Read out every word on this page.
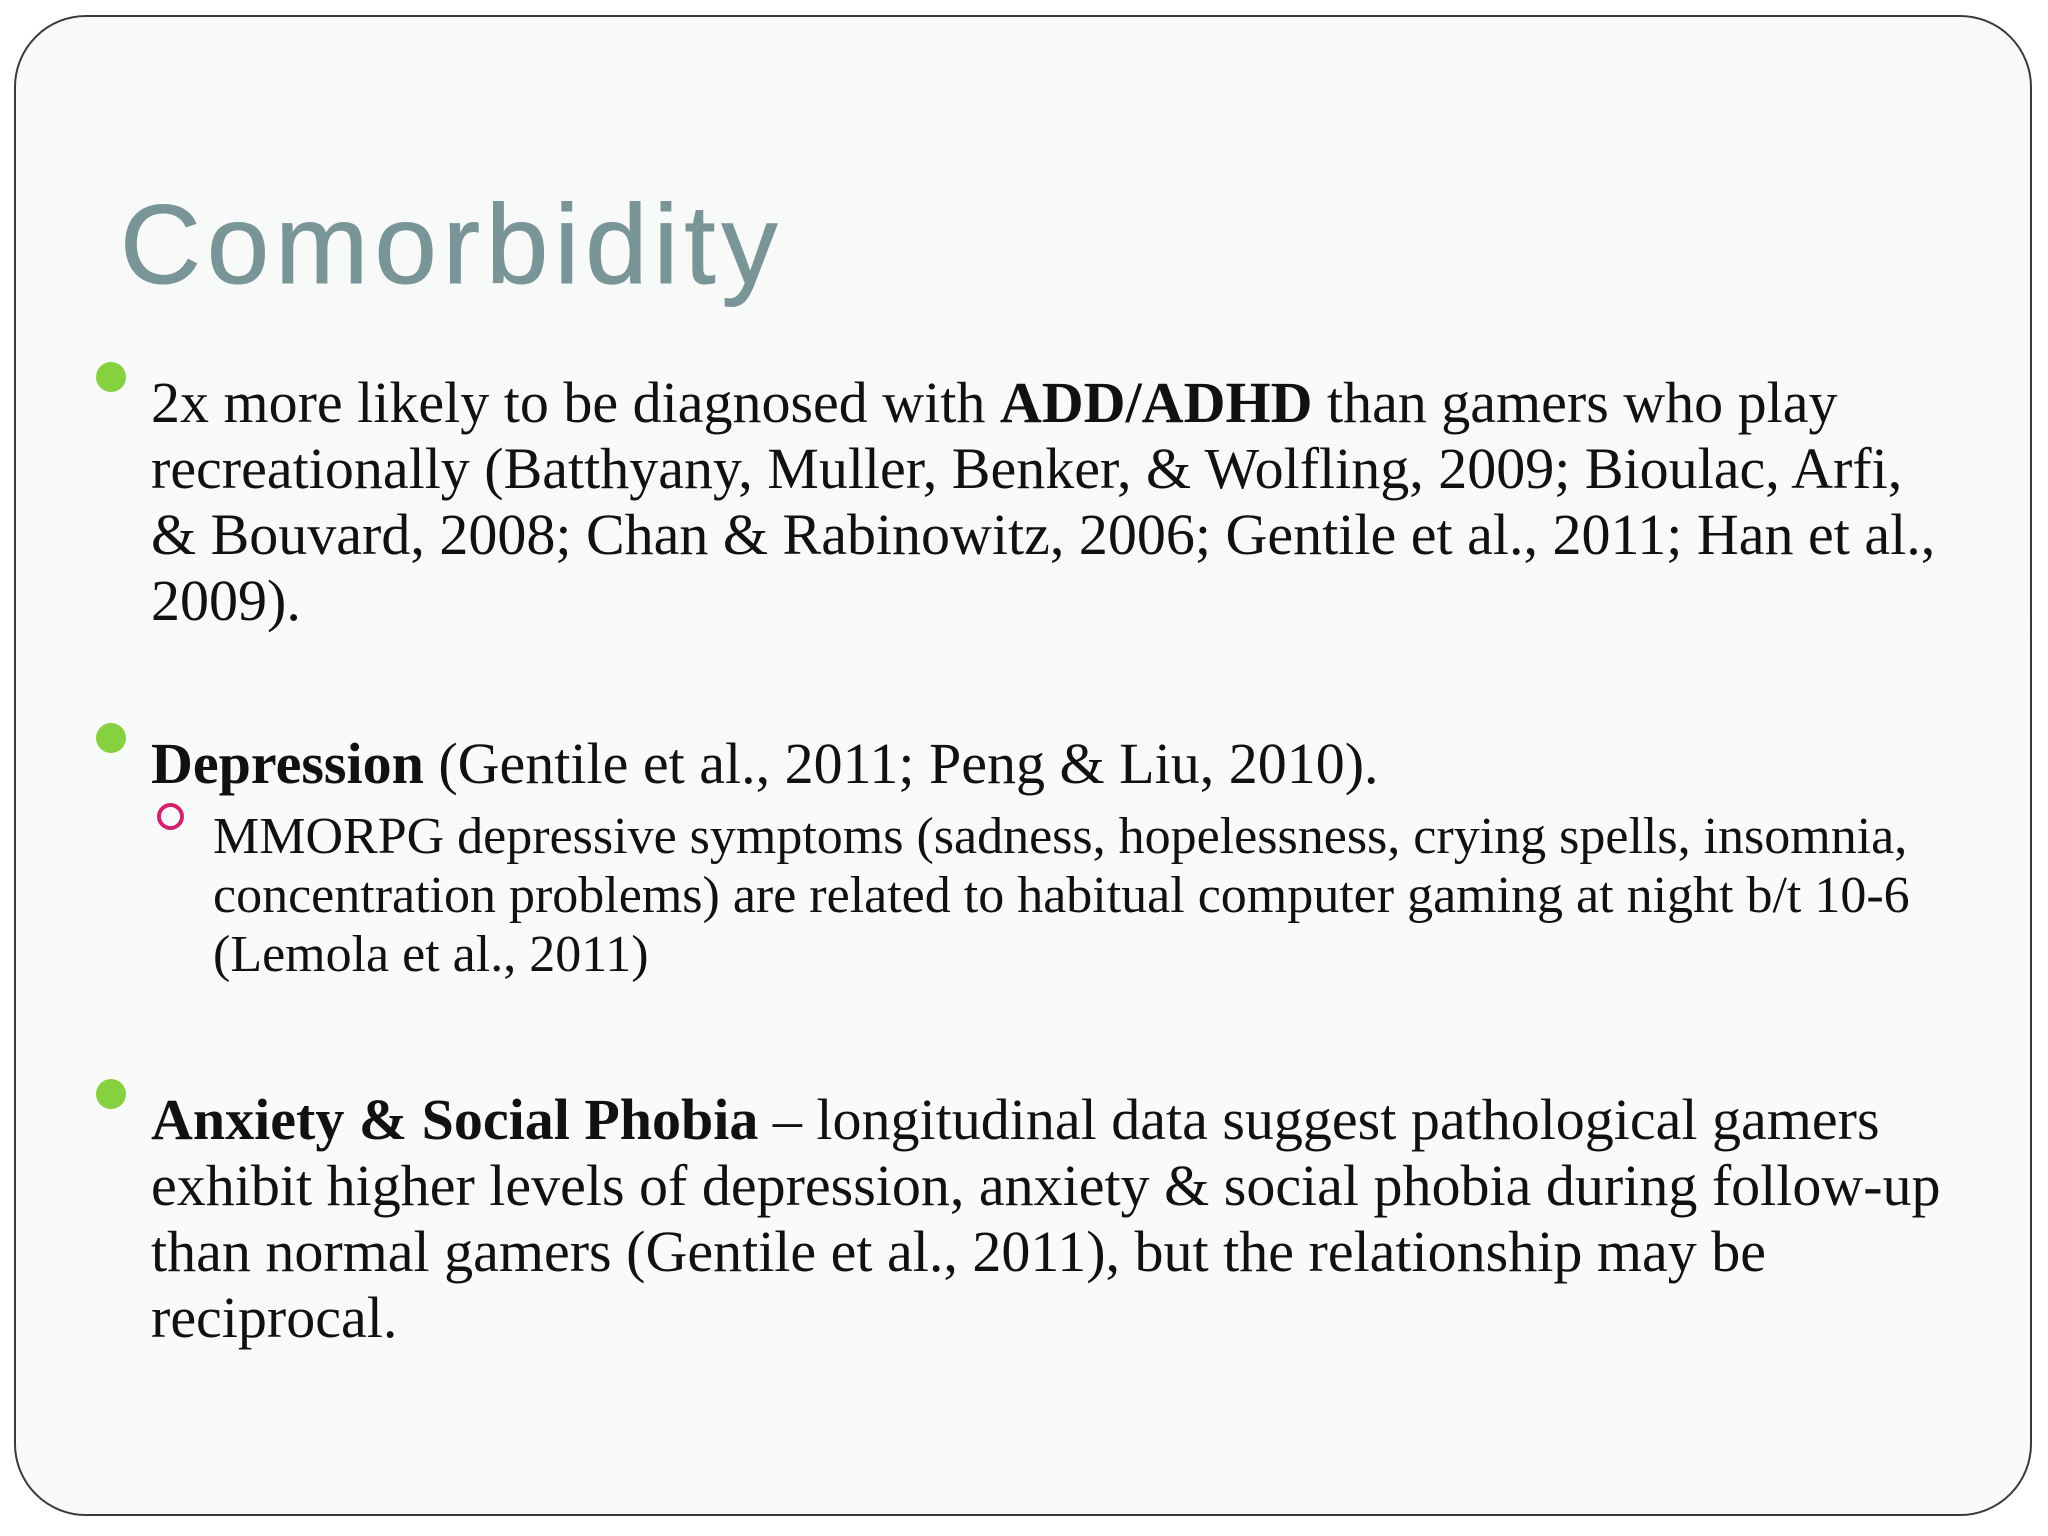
Comorbidity
2x more likely to be diagnosed with ADD/ADHD than gamers who play recreationally (Batthyany, Muller, Benker, & Wolfling, 2009; Bioulac, Arfi, & Bouvard, 2008; Chan & Rabinowitz, 2006; Gentile et al., 2011; Han et al., 2009).
Depression (Gentile et al., 2011; Peng & Liu, 2010).
MMORPG depressive symptoms (sadness, hopelessness, crying spells, insomnia, concentration problems) are related to habitual computer gaming at night b/t 10-6 (Lemola et al., 2011)
Anxiety & Social Phobia – longitudinal data suggest pathological gamers exhibit higher levels of depression, anxiety & social phobia during follow-up than normal gamers (Gentile et al., 2011), but the relationship may be reciprocal.
